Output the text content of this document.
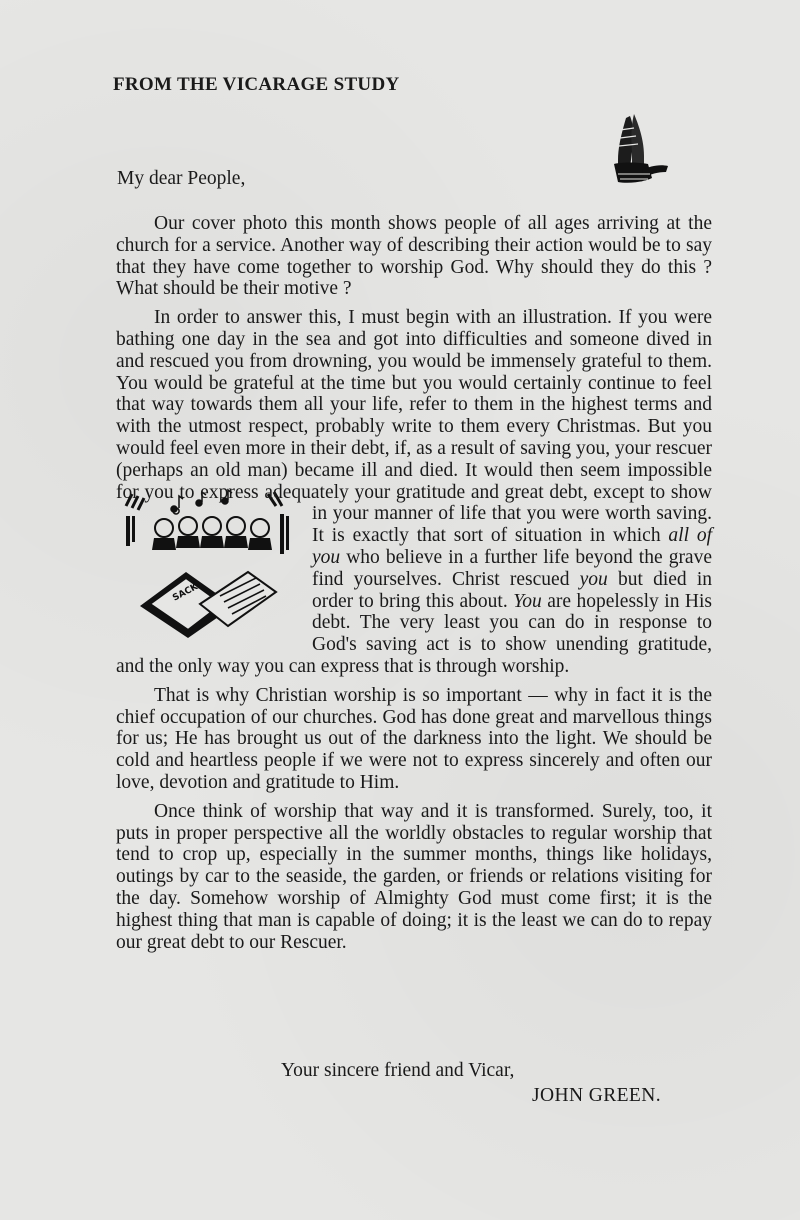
FROM THE VICARAGE STUDY

My dear People,

Our cover photo this month shows people of all ages arriving at the church for a service. Another way of describing their action would be to say that they have come together to worship God. Why should they do this ? What should be their motive ?

In order to answer this, I must begin with an illustration. If you were bathing one day in the sea and got into difficulties and someone dived in and rescued you from drowning, you would be immensely grateful to them. You would be grateful at the time but you would certainly continue to feel that way towards them all your life, refer to them in the highest terms and with the utmost respect, probably write to them every Christmas. But you would feel even more in their debt, if, as a result of saving you, your rescuer (perhaps an old man) became ill and died. It would then seem impossible for you to express
SACK
adequately your gratitude and great debt, except to show in your manner of life that you were worth saving. It is exactly that sort of situation in which all of you who believe in a further life beyond the grave find yourselves. Christ rescued you but died in order to bring this about. You are hopelessly in His debt. The very least you can do in response to God's saving act is to show unending gratitude, and the only way you can express that is through worship.

That is why Christian worship is so important — why in fact it is the chief occupation of our churches. God has done great and marvellous things for us; He has brought us out of the darkness into the light. We should be cold and heartless people if we were not to express sincerely and often our love, devotion and gratitude to Him.

Once think of worship that way and it is transformed. Surely, too, it puts in proper perspective all the worldly obstacles to regular worship that tend to crop up, especially in the summer months, things like holidays, outings by car to the seaside, the garden, or friends or relations visiting for the day. Somehow worship of Almighty God must come first; it is the highest thing that man is capable of doing; it is the least we can do to repay our great debt to our Rescuer.

Your sincere friend and Vicar,

JOHN GREEN.
